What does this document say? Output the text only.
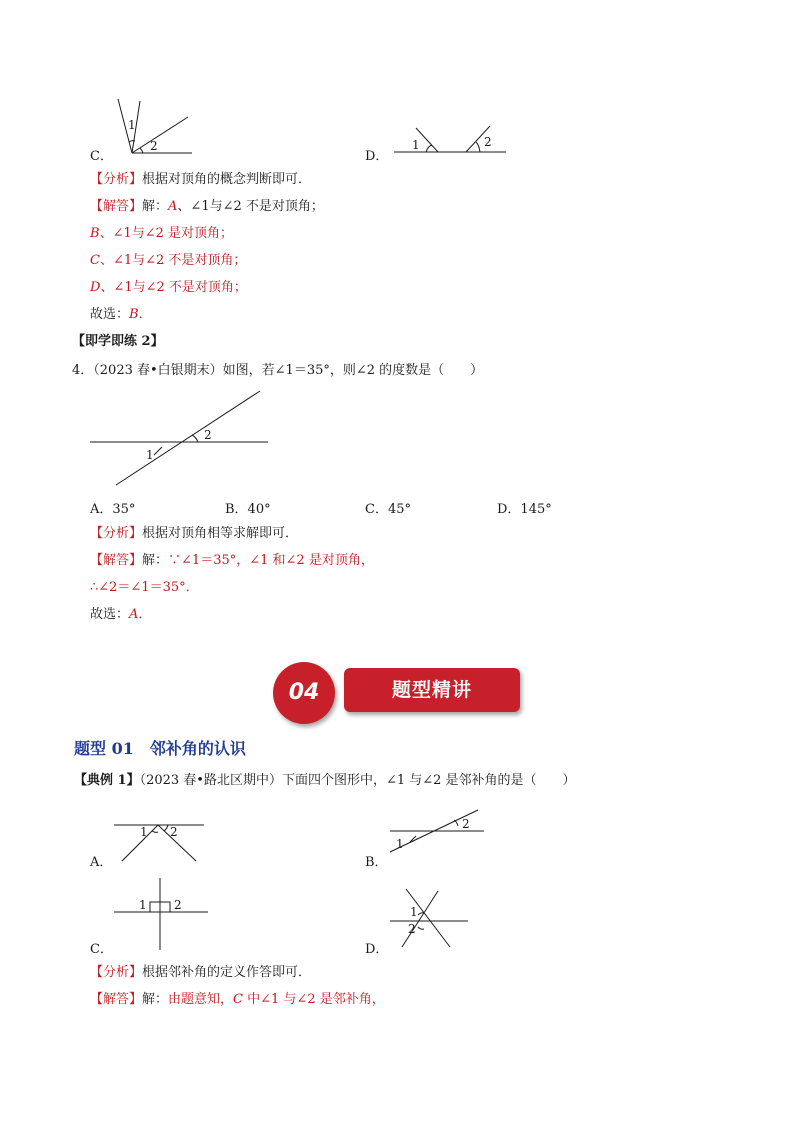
C．
1
2
D．
1	2
【分析】根据对顶角的概念判断即可．
【解答】解：A、∠1与∠2 不是对顶角；
B、∠1与∠2 是对顶角；
C、∠1与∠2 不是对顶角；
D、∠1与∠2 不是对顶角；
故选：B．
【即学即练 2】
4．（2023 春•白银期末）如图，若∠1＝35°，则∠2 的度数是（　　）
1
2
A．35°	B．40°	C．45°	D．145°
【分析】根据对顶角相等求解即可．
【解答】解：∵∠1＝35°，∠1 和∠2 是对顶角，
∴∠2＝∠1＝35°．
故选：A．
题型精讲
04
题型 01　邻补角的认识
【典例 1】（2023 春•路北区期中）下面四个图形中，∠1 与∠2 是邻补角的是（　　）
A．
1 2
B．
1
2
C．
1 2
D．
1
2
【分析】根据邻补角的定义作答即可．
【解答】解：由题意知，C 中∠1 与∠2 是邻补角，
